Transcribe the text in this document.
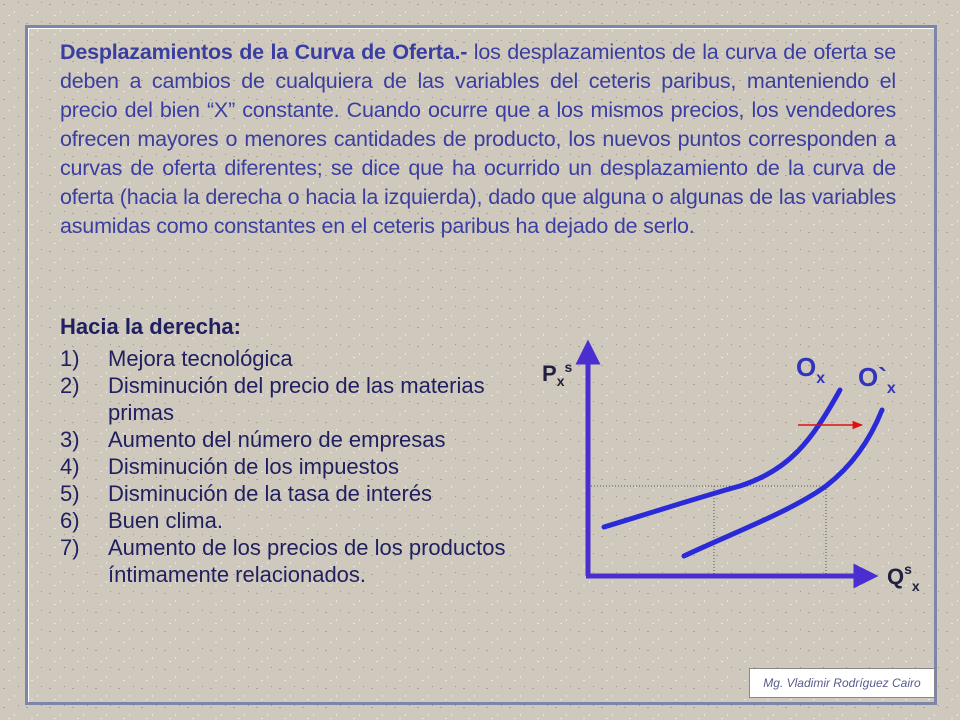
Desplazamientos de la Curva de Oferta.- los desplazamientos de la curva de oferta se deben a cambios de cualquiera de las variables del ceteris paribus, manteniendo el precio del bien “X” constante. Cuando ocurre que a los mismos precios, los vendedores ofrecen mayores o menores cantidades de producto, los nuevos puntos corresponden a curvas de oferta diferentes; se dice que ha ocurrido un desplazamiento de la curva de oferta (hacia la derecha o hacia la izquierda), dado que alguna o algunas de las variables asumidas como constantes en el ceteris paribus ha dejado de serlo.

Hacia la derecha:
1)	Mejora tecnológica
2)	Disminución del precio de las materias primas
3)	Aumento del número de empresas
4)	Disminución de los impuestos
5)	Disminución de la tasa de interés
6)	Buen clima.
7)	Aumento de los precios de los productos íntimamente relacionados.
$P_x^s$
$Q^s_x$
$O_x$ $O`_x$
Mg. Vladimir Rodríguez Cairo
